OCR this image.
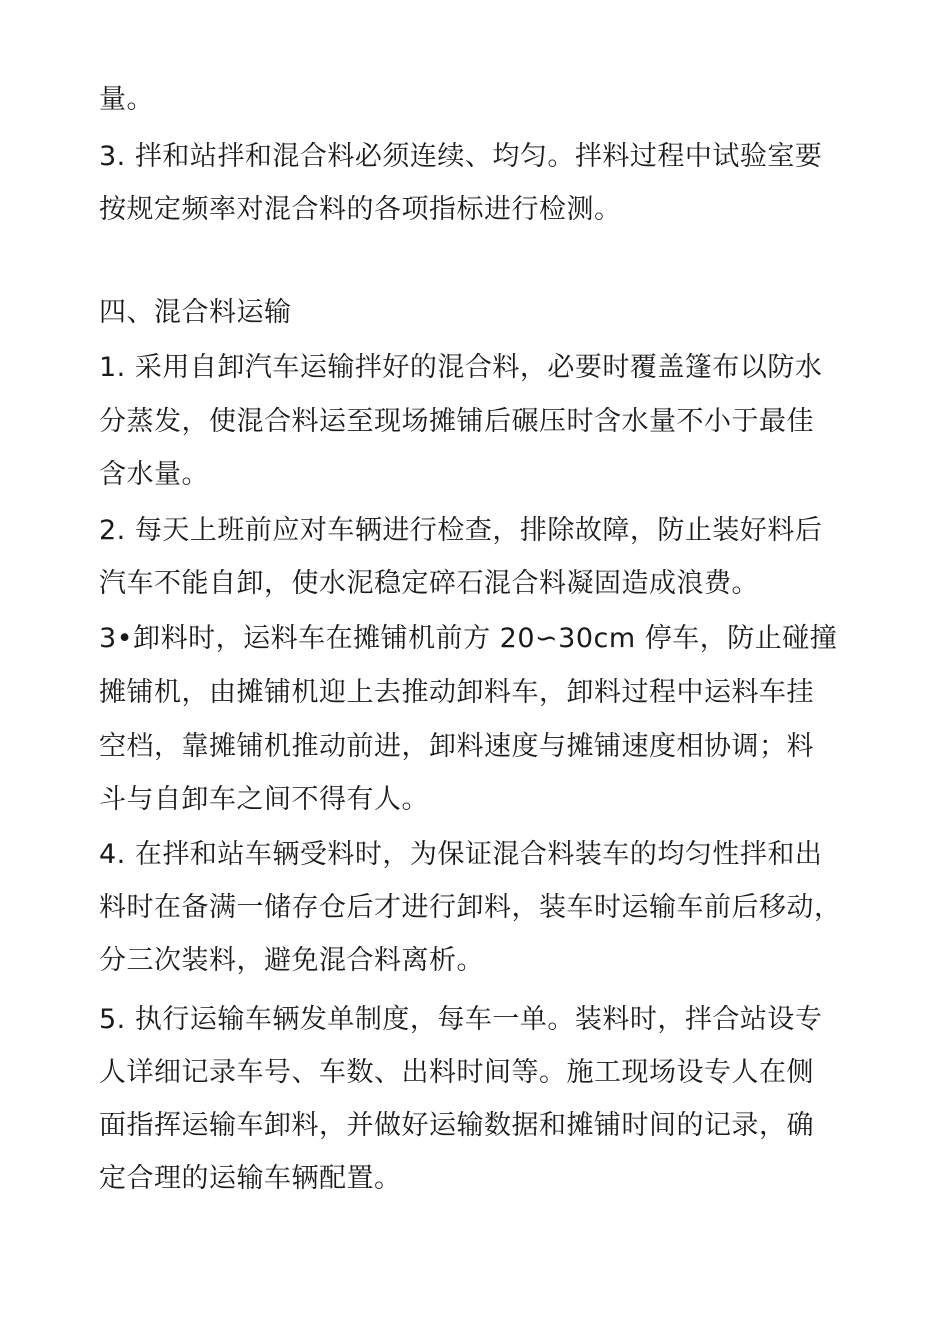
量。
3. 拌和站拌和混合料必须连续、均匀。拌料过程中试验室要
按规定频率对混合料的各项指标进行检测。
四、混合料运输
1. 采用自卸汽车运输拌好的混合料，必要时覆盖篷布以防水
分蒸发，使混合料运至现场摊铺后碾压时含水量不小于最佳
含水量。
2. 每天上班前应对车辆进行检查，排除故障，防止装好料后
汽车不能自卸，使水泥稳定碎石混合料凝固造成浪费。
3•卸料时，运料车在摊铺机前方 20∽30cm 停车，防止碰撞
摊铺机，由摊铺机迎上去推动卸料车，卸料过程中运料车挂
空档，靠摊铺机推动前进，卸料速度与摊铺速度相协调；料
斗与自卸车之间不得有人。
4. 在拌和站车辆受料时，为保证混合料装车的均匀性拌和出
料时在备满一储存仓后才进行卸料，装车时运输车前后移动，
分三次装料，避免混合料离析。
5. 执行运输车辆发单制度，每车一单。装料时，拌合站设专
人详细记录车号、车数、出料时间等。施工现场设专人在侧
面指挥运输车卸料，并做好运输数据和摊铺时间的记录，确
定合理的运输车辆配置。
